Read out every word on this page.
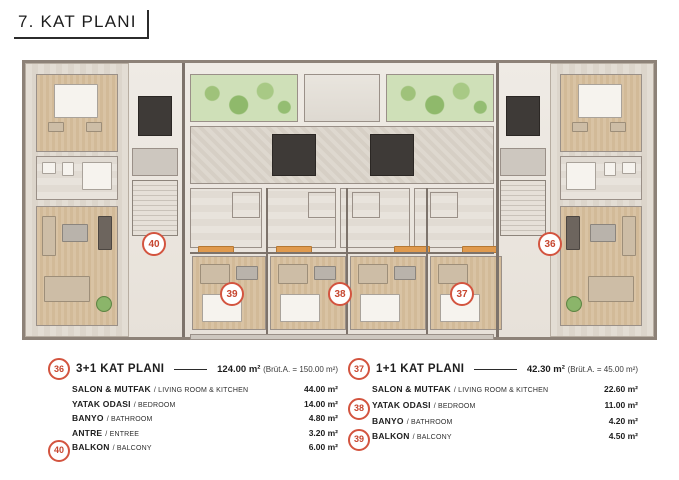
7. KAT PLANI
40
39	38	37
36
36	3+1 KAT PLANI	124.00 m² (Brüt.A. = 150.00 m²)
SALON & MUTFAK / LIVING ROOM & KITCHEN	44.00 m²
YATAK ODASI / BEDROOM	14.00 m²
BANYO / BATHROOM	4.80 m²
ANTRE / ENTREE	3.20 m²
40 BALKON / BALCONY	6.00 m²
37	1+1 KAT PLANI	42.30 m² (Brüt.A. = 45.00 m²)
SALON & MUTFAK / LIVING ROOM & KITCHEN	22.60 m²
38 YATAK ODASI / BEDROOM	11.00 m²
BANYO / BATHROOM	4.20 m²
39 BALKON / BALCONY	4.50 m²
